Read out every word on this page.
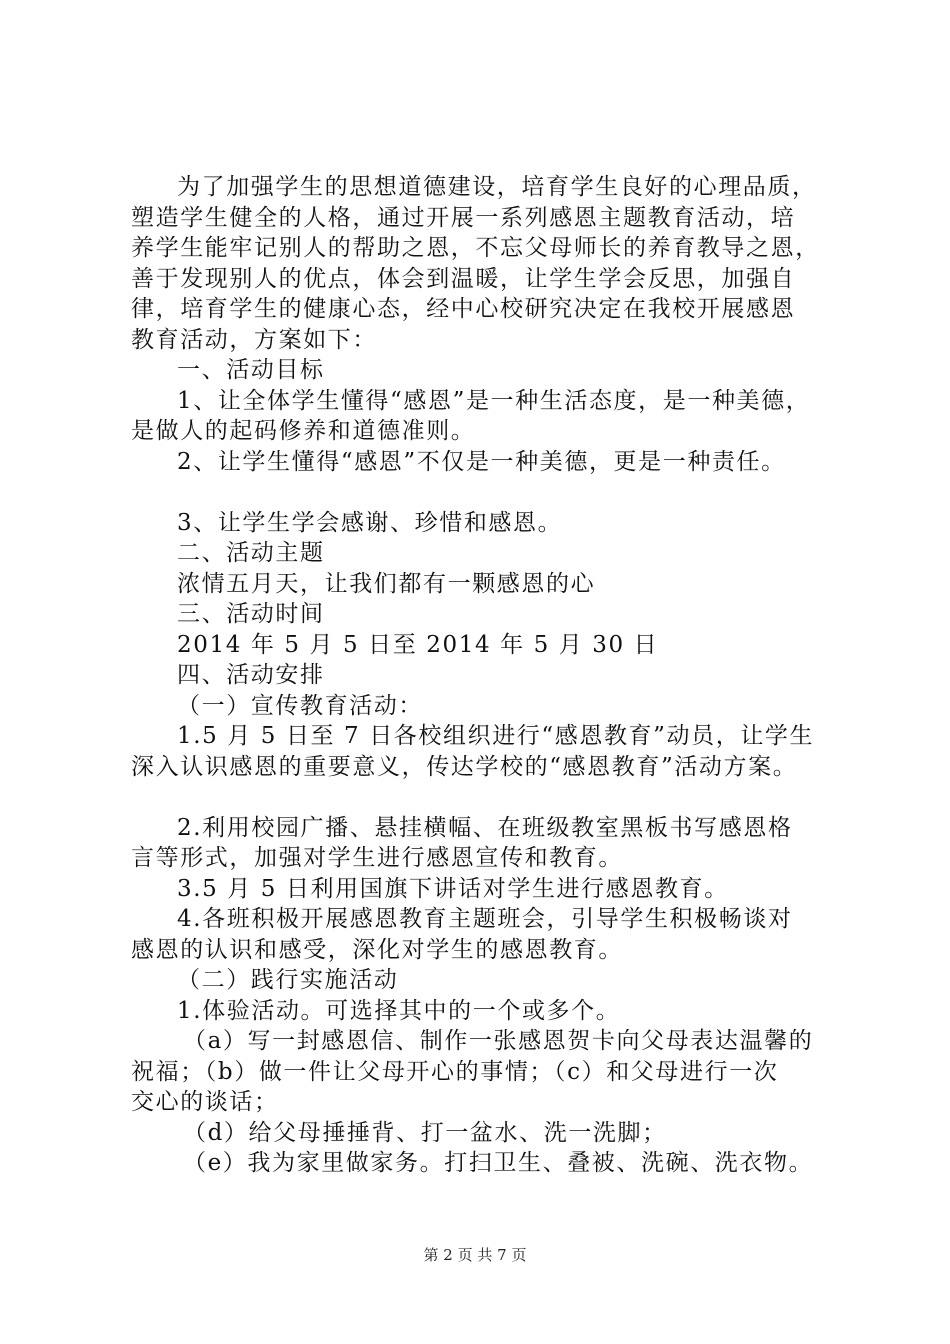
为了加强学生的思想道德建设，培育学生良好的心理品质，
塑造学生健全的人格，通过开展一系列感恩主题教育活动，培
养学生能牢记别人的帮助之恩，不忘父母师长的养育教导之恩，
善于发现别人的优点，体会到温暖，让学生学会反思，加强自
律，培育学生的健康心态，经中心校研究决定在我校开展感恩
教育活动，方案如下：
一、活动目标
1、让全体学生懂得“感恩”是一种生活态度，是一种美德，
是做人的起码修养和道德准则。
2、让学生懂得“感恩”不仅是一种美德，更是一种责任。
3、让学生学会感谢、珍惜和感恩。
二、活动主题
浓情五月天，让我们都有一颗感恩的心
三、活动时间
2014 年 5 月 5 日至 2014 年 5 月 30 日
四、活动安排
（一）宣传教育活动：
1.5 月 5 日至 7 日各校组织进行“感恩教育”动员，让学生
深入认识感恩的重要意义，传达学校的“感恩教育”活动方案。
2.利用校园广播、悬挂横幅、在班级教室黑板书写感恩格
言等形式，加强对学生进行感恩宣传和教育。
3.5 月 5 日利用国旗下讲话对学生进行感恩教育。
4.各班积极开展感恩教育主题班会，引导学生积极畅谈对
感恩的认识和感受，深化对学生的感恩教育。
（二）践行实施活动
1.体验活动。可选择其中的一个或多个。
（a）写一封感恩信、制作一张感恩贺卡向父母表达温馨的
祝福；（b）做一件让父母开心的事情；（c）和父母进行一次
交心的谈话；
（d）给父母捶捶背、打一盆水、洗一洗脚；
（e）我为家里做家务。打扫卫生、叠被、洗碗、洗衣物。
第 2 页 共 7 页
